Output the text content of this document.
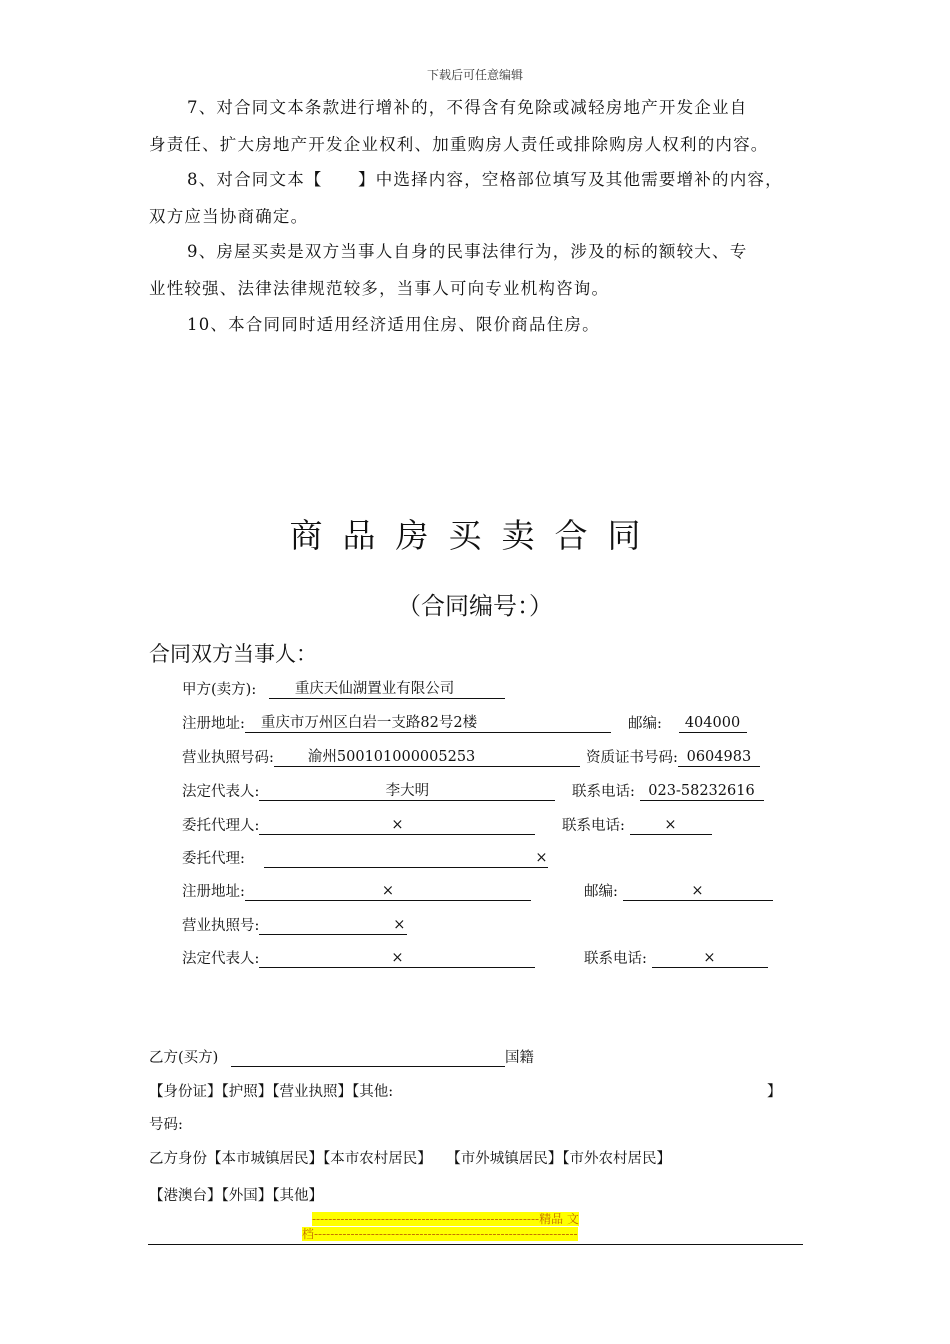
下载后可任意编辑
7、对合同文本条款进行增补的，不得含有免除或减轻房地产开发企业自
身责任、扩大房地产开发企业权利、加重购房人责任或排除购房人权利的内容。
8、对合同文本【　　】中选择内容，空格部位填写及其他需要增补的内容，
双方应当协商确定。
9、房屋买卖是双方当事人自身的民事法律行为，涉及的标的额较大、专
业性较强、法律法律规范较多，当事人可向专业机构咨询。
10、本合同同时适用经济适用住房、限价商品住房。
商品房买卖合同
（合同编号：）
合同双方当事人：
甲方(卖方):	重庆天仙湖置业有限公司
注册地址: 重庆市万州区白岩一支路82号2楼	邮编: 404000
营业执照号码: 渝州500101000005253	资质证书号码: 0604983
法定代表人:	李大明	联系电话: 023-58232616
委托代理人:	×	联系电话:	×
委托代理:	×
注册地址:	×	邮编:	×
营业执照号:	×
法定代表人:	×	联系电话:	×
乙方(买方)	国籍
【身份证】【护照】【营业执照】【其他:	】
号码:
乙方身份【本市城镇居民】【本市农村居民】　　【市外城镇居民】【市外农村居民】
【港澳台】【外国】【其他】
--------------------------------------------------------精品 文
档-----------------------------------------------------------------
